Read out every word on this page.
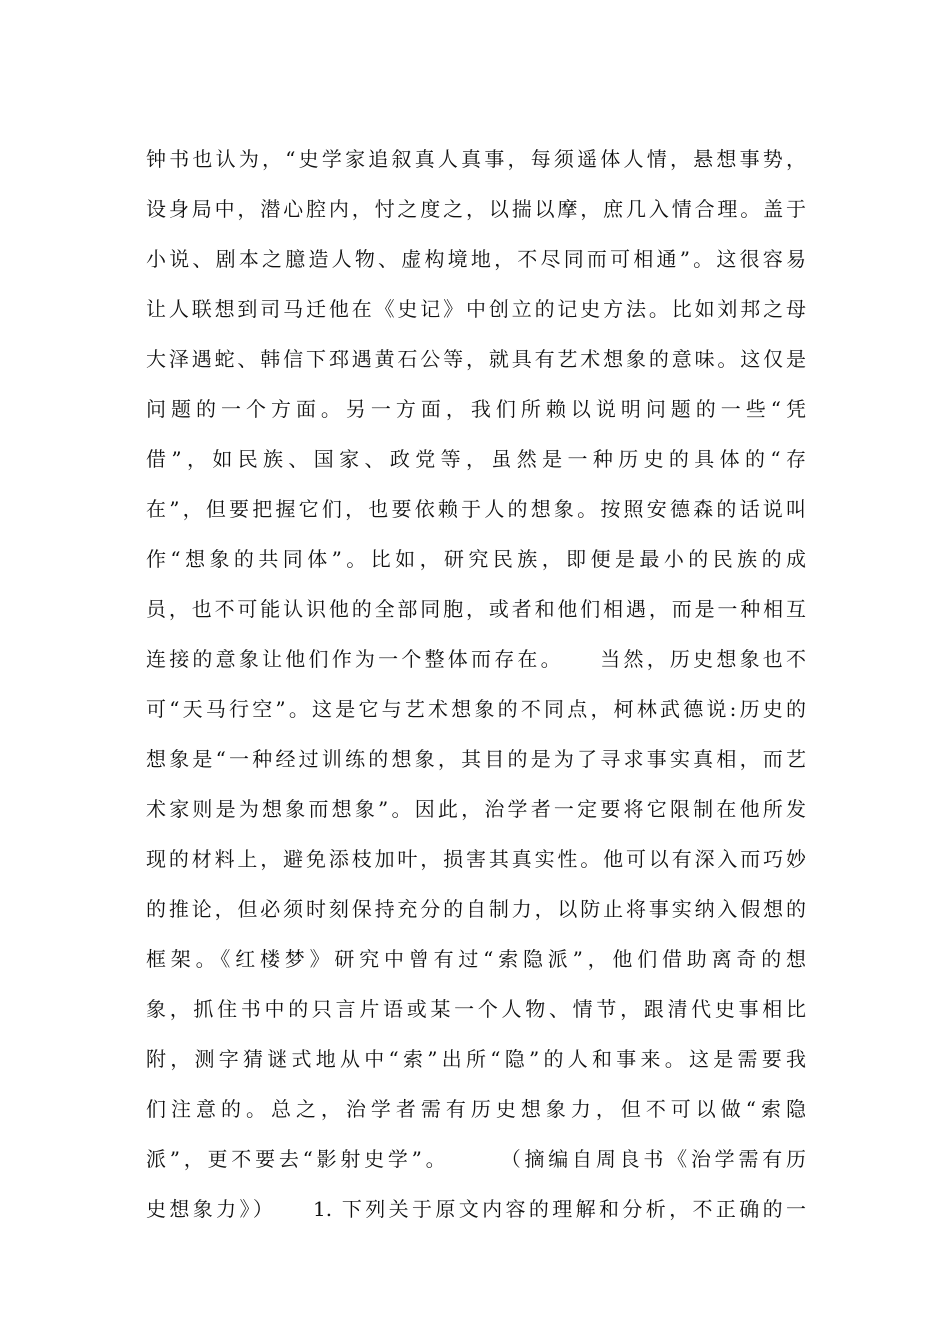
钟书也认为，“史学家追叙真人真事，每须遥体人情，悬想事势，
设身局中，潜心腔内，忖之度之，以揣以摩，庶几入情合理。盖于
小说、剧本之臆造人物、虚构境地，不尽同而可相通”。这很容易
让人联想到司马迁他在《史记》中创立的记史方法。比如刘邦之母
大泽遇蛇、韩信下邳遇黄石公等，就具有艺术想象的意味。这仅是
问题的一个方面。另一方面，我们所赖以说明问题的一些“凭
借”，如民族、国家、政党等，虽然是一种历史的具体的“存
在”，但要把握它们，也要依赖于人的想象。按照安德森的话说叫
作“想象的共同体”。比如，研究民族，即便是最小的民族的成
员，也不可能认识他的全部同胞，或者和他们相遇，而是一种相互
连接的意象让他们作为一个整体而存在。　　当然，历史想象也不
可“天马行空”。这是它与艺术想象的不同点，柯林武德说:历史的
想象是“一种经过训练的想象，其目的是为了寻求事实真相，而艺
术家则是为想象而想象”。因此，治学者一定要将它限制在他所发
现的材料上，避免添枝加叶，损害其真实性。他可以有深入而巧妙
的推论，但必须时刻保持充分的自制力，以防止将事实纳入假想的
框架。《红楼梦》研究中曾有过“索隐派”，他们借助离奇的想
象，抓住书中的只言片语或某一个人物、情节，跟清代史事相比
附，测字猜谜式地从中“索”出所“隐”的人和事来。这是需要我
们注意的。总之，治学者需有历史想象力，但不可以做“索隐
派”，更不要去“影射史学”。　　　（摘编自周良书《治学需有历
史想象力》）　　1. 下列关于原文内容的理解和分析，不正确的一
